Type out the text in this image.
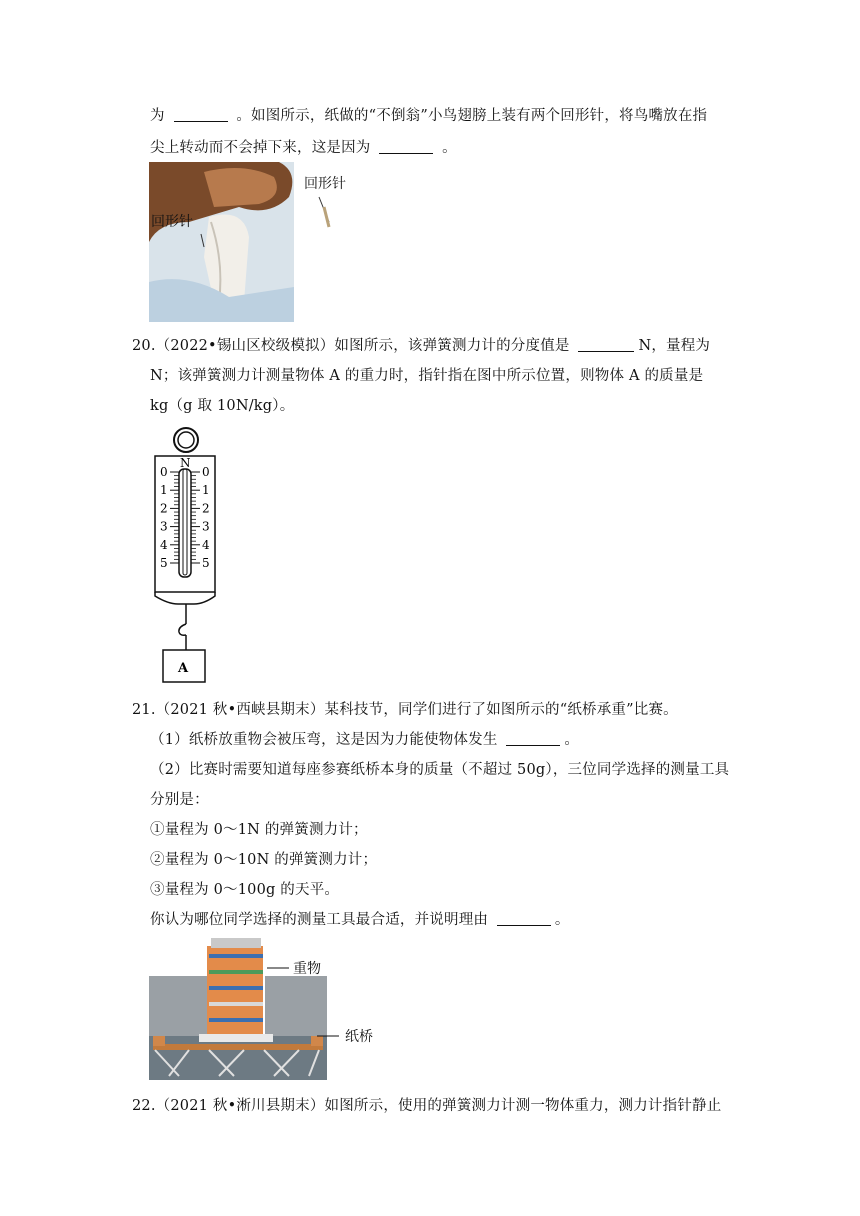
为	。如图所示，纸做的“不倒翁”小鸟翅膀上装有两个回形针，将鸟嘴放在指
尖上转动而不会掉下来，这是因为	。
回形针
回形针
20.（2022•锡山区校级模拟）如图所示，该弹簧测力计的分度值是	N，量程为
N；该弹簧测力计测量物体 A 的重力时，指针指在图中所示位置，则物体 A 的质量是
kg（g 取 10N/kg）。
N
0
1
2
3
4
5
0
1
2
3
4
5
A
21.（2021 秋•西峡县期末）某科技节，同学们进行了如图所示的“纸桥承重”比赛。
（1）纸桥放重物会被压弯，这是因为力能使物体发生	。
（2）比赛时需要知道每座参赛纸桥本身的质量（不超过 50g），三位同学选择的测量工具
分别是：
①量程为 0～1N 的弹簧测力计；
②量程为 0～10N 的弹簧测力计；
③量程为 0～100g 的天平。
你认为哪位同学选择的测量工具最合适，并说明理由	。
重物
纸桥
22.（2021 秋•淅川县期末）如图所示，使用的弹簧测力计测一物体重力，测力计指针静止
